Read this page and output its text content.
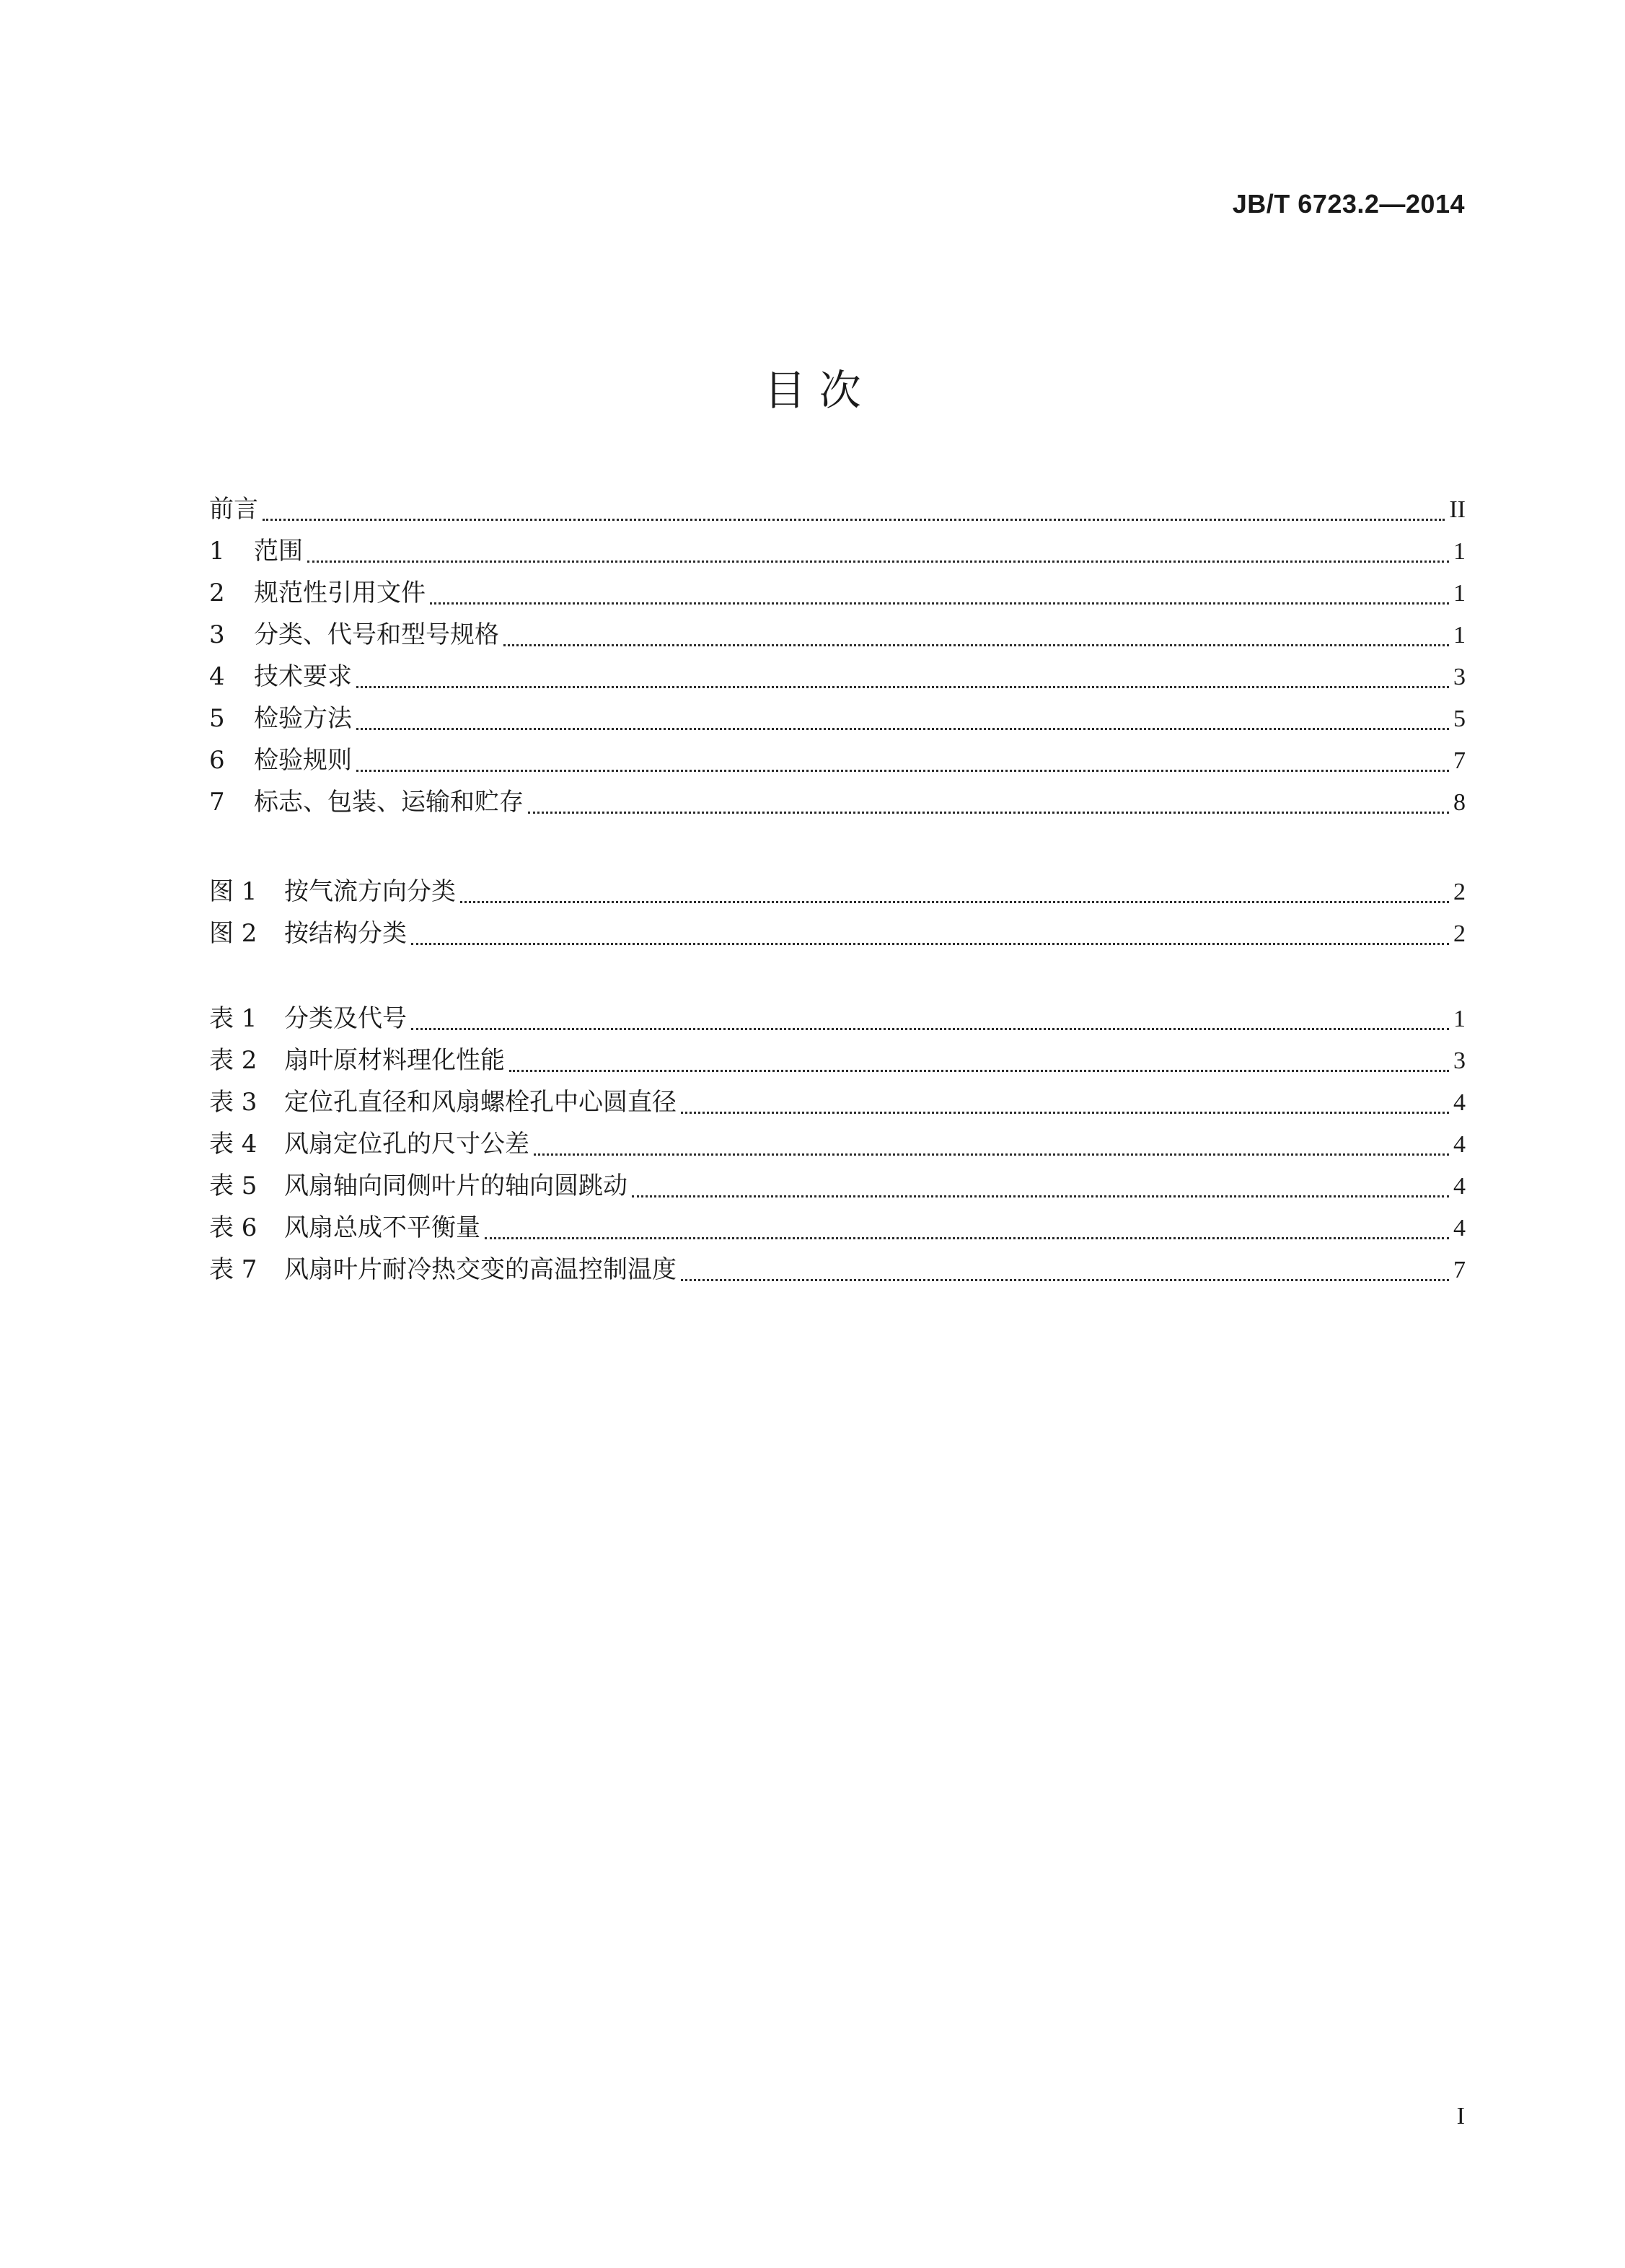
JB/T 6723.2—2014
目 次
前言	II
1	范围	1
2	规范性引用文件	1
3	分类、代号和型号规格	1
4	技术要求	3
5	检验方法	5
6	检验规则	7
7	标志、包装、运输和贮存	8
图 1	按气流方向分类	2
图 2	按结构分类	2
表 1	分类及代号	1
表 2	扇叶原材料理化性能	3
表 3	定位孔直径和风扇螺栓孔中心圆直径	4
表 4	风扇定位孔的尺寸公差	4
表 5	风扇轴向同侧叶片的轴向圆跳动	4
表 6	风扇总成不平衡量	4
表 7	风扇叶片耐冷热交变的高温控制温度	7
I
